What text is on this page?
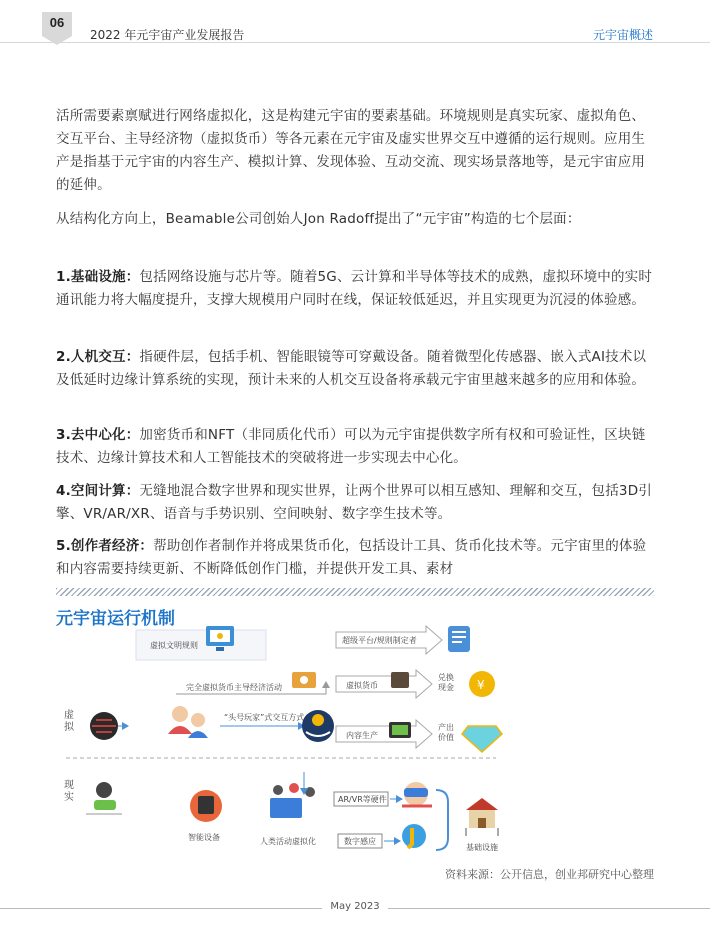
06
2022 年元宇宙产业发展报告	元宇宙概述
活所需要素禀赋进行网络虚拟化，这是构建元宇宙的要素基础。环境规则是真实玩家、虚拟角色、交互平台、主导经济物（虚拟货币）等各元素在元宇宙及虚实世界交互中遵循的运行规则。应用生产是指基于元宇宙的内容生产、模拟计算、发现体验、互动交流、现实场景落地等，是元宇宙应用的延伸。
从结构化方向上，Beamable公司创始人Jon Radoff提出了“元宇宙”构造的七个层面：
1.基础设施：包括网络设施与芯片等。随着5G、云计算和半导体等技术的成熟，虚拟环境中的实时通讯能力将大幅度提升，支撑大规模用户同时在线，保证较低延迟，并且实现更为沉浸的体验感。
2.人机交互：指硬件层，包括手机、智能眼镜等可穿戴设备。随着微型化传感器、嵌入式AI技术以及低延时边缘计算系统的实现，预计未来的人机交互设备将承载元宇宙里越来越多的应用和体验。
3.去中心化：加密货币和NFT（非同质化代币）可以为元宇宙提供数字所有权和可验证性，区块链技术、边缘计算技术和人工智能技术的突破将进一步实现去中心化。
4.空间计算：无缝地混合数字世界和现实世界，让两个世界可以相互感知、理解和交互，包括3D引擎、VR/AR/XR、语音与手势识别、空间映射、数字孪生技术等。
5.创作者经济：帮助创作者制作并将成果货币化，包括设计工具、货币化技术等。元宇宙里的体验和内容需要持续更新、不断降低创作门槛，并提供开发工具、素材
元宇宙运行机制
虚
拟
现
实
虚拟文明规则
超级平台/规则制定者
完全虚拟货币主导经济活动	虚拟货币
兑换
现金 ¥
内容生产
产出
价值
“头号玩家”式交互方式
智能设备	人类活动虚拟化
AR/VR等硬件
数字感应
基础设施
资料来源：公开信息，创业邦研究中心整理
May 2023
